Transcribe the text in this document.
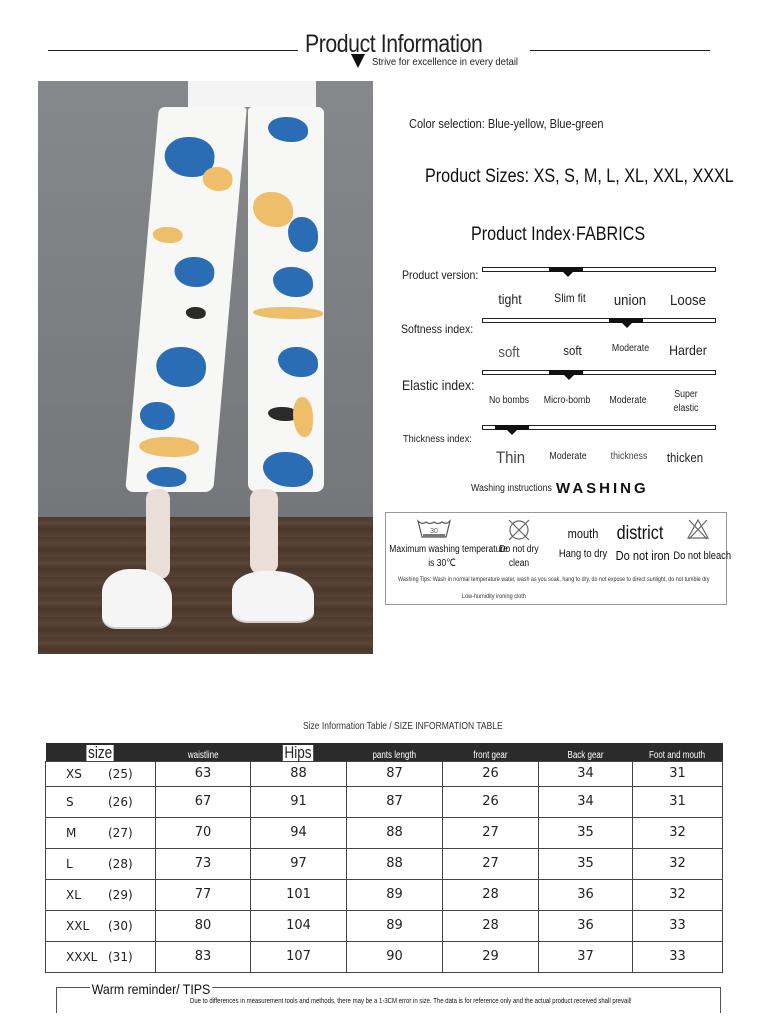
Product Information
Strive for excellence in every detail
Color selection: Blue-yellow, Blue-green
Product Sizes: XS, S, M, L, XL, XXL, XXXL
Product Index·FABRICS
Product version:
tight	Slim fit	union	Loose
Softness index:
soft	soft	Moderate	Harder
Elastic index:
No bombs Micro-bomb	Moderate
Super elastic
Thickness index:
Thin	Moderate	thickness	thicken
Washing instructions WASHING
30
Maximum washing temperature
is 30℃
Do not dry
clean
mouth
Hang to dry
district
Do not iron Do not bleach
Washing Tips: Wash in normal temperature water, wash as you soak, hang to dry, do not expose to direct sunlight, do not tumble dry
Low-humidity ironing cloth
Size Information Table / SIZE INFORMATION TABLE
size	waistline	Hips	pants length	front gear	Back gear	Foot and mouth
XS (25)	63	88	87	26	34	31
S (26)	67	91	87	26	34	31
M (27)	70	94	88	27	35	32
L (28)	73	97	88	27	35	32
XL (29)	77	101	89	28	36	32
XXL (30)	80	104	89	28	36	33
XXXL (31)	83	107	90	29	37	33
Warm reminder/ TIPS
Due to differences in measurement tools and methods, there may be a 1-3CM error in size. The data is for reference only and the actual product received shall prevail!
